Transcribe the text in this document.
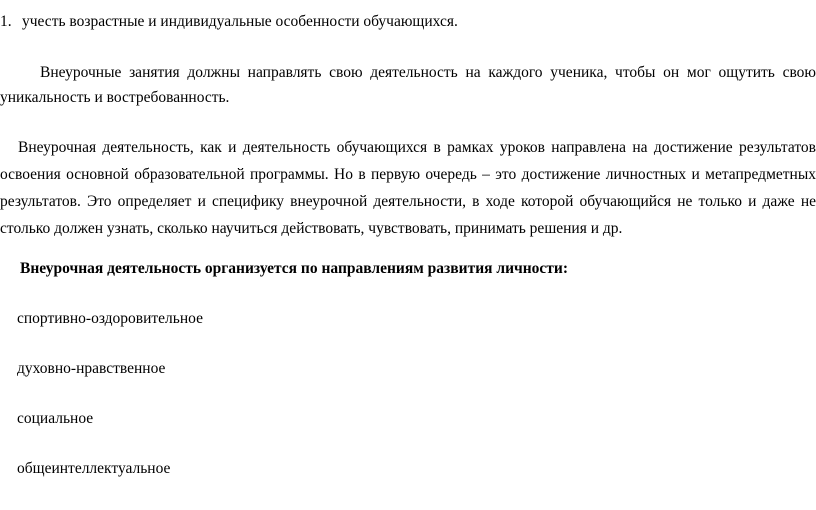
1. учесть возрастные и индивидуальные особенности обучающихся.
Внеурочные занятия должны направлять свою деятельность на каждого ученика, чтобы он мог ощутить свою
уникальность и востребованность.
Внеурочная деятельность, как и деятельность обучающихся в рамках уроков направлена на достижение результатов
освоения основной образовательной программы. Но в первую очередь – это достижение личностных и метапредметных
результатов. Это определяет и специфику внеурочной деятельности, в ходе которой обучающийся не только и даже не
столько должен узнать, сколько научиться действовать, чувствовать, принимать решения и др.
Внеурочная деятельность организуется по направлениям развития личности:
спортивно-оздоровительное
духовно-нравственное
социальное
общеинтеллектуальное
